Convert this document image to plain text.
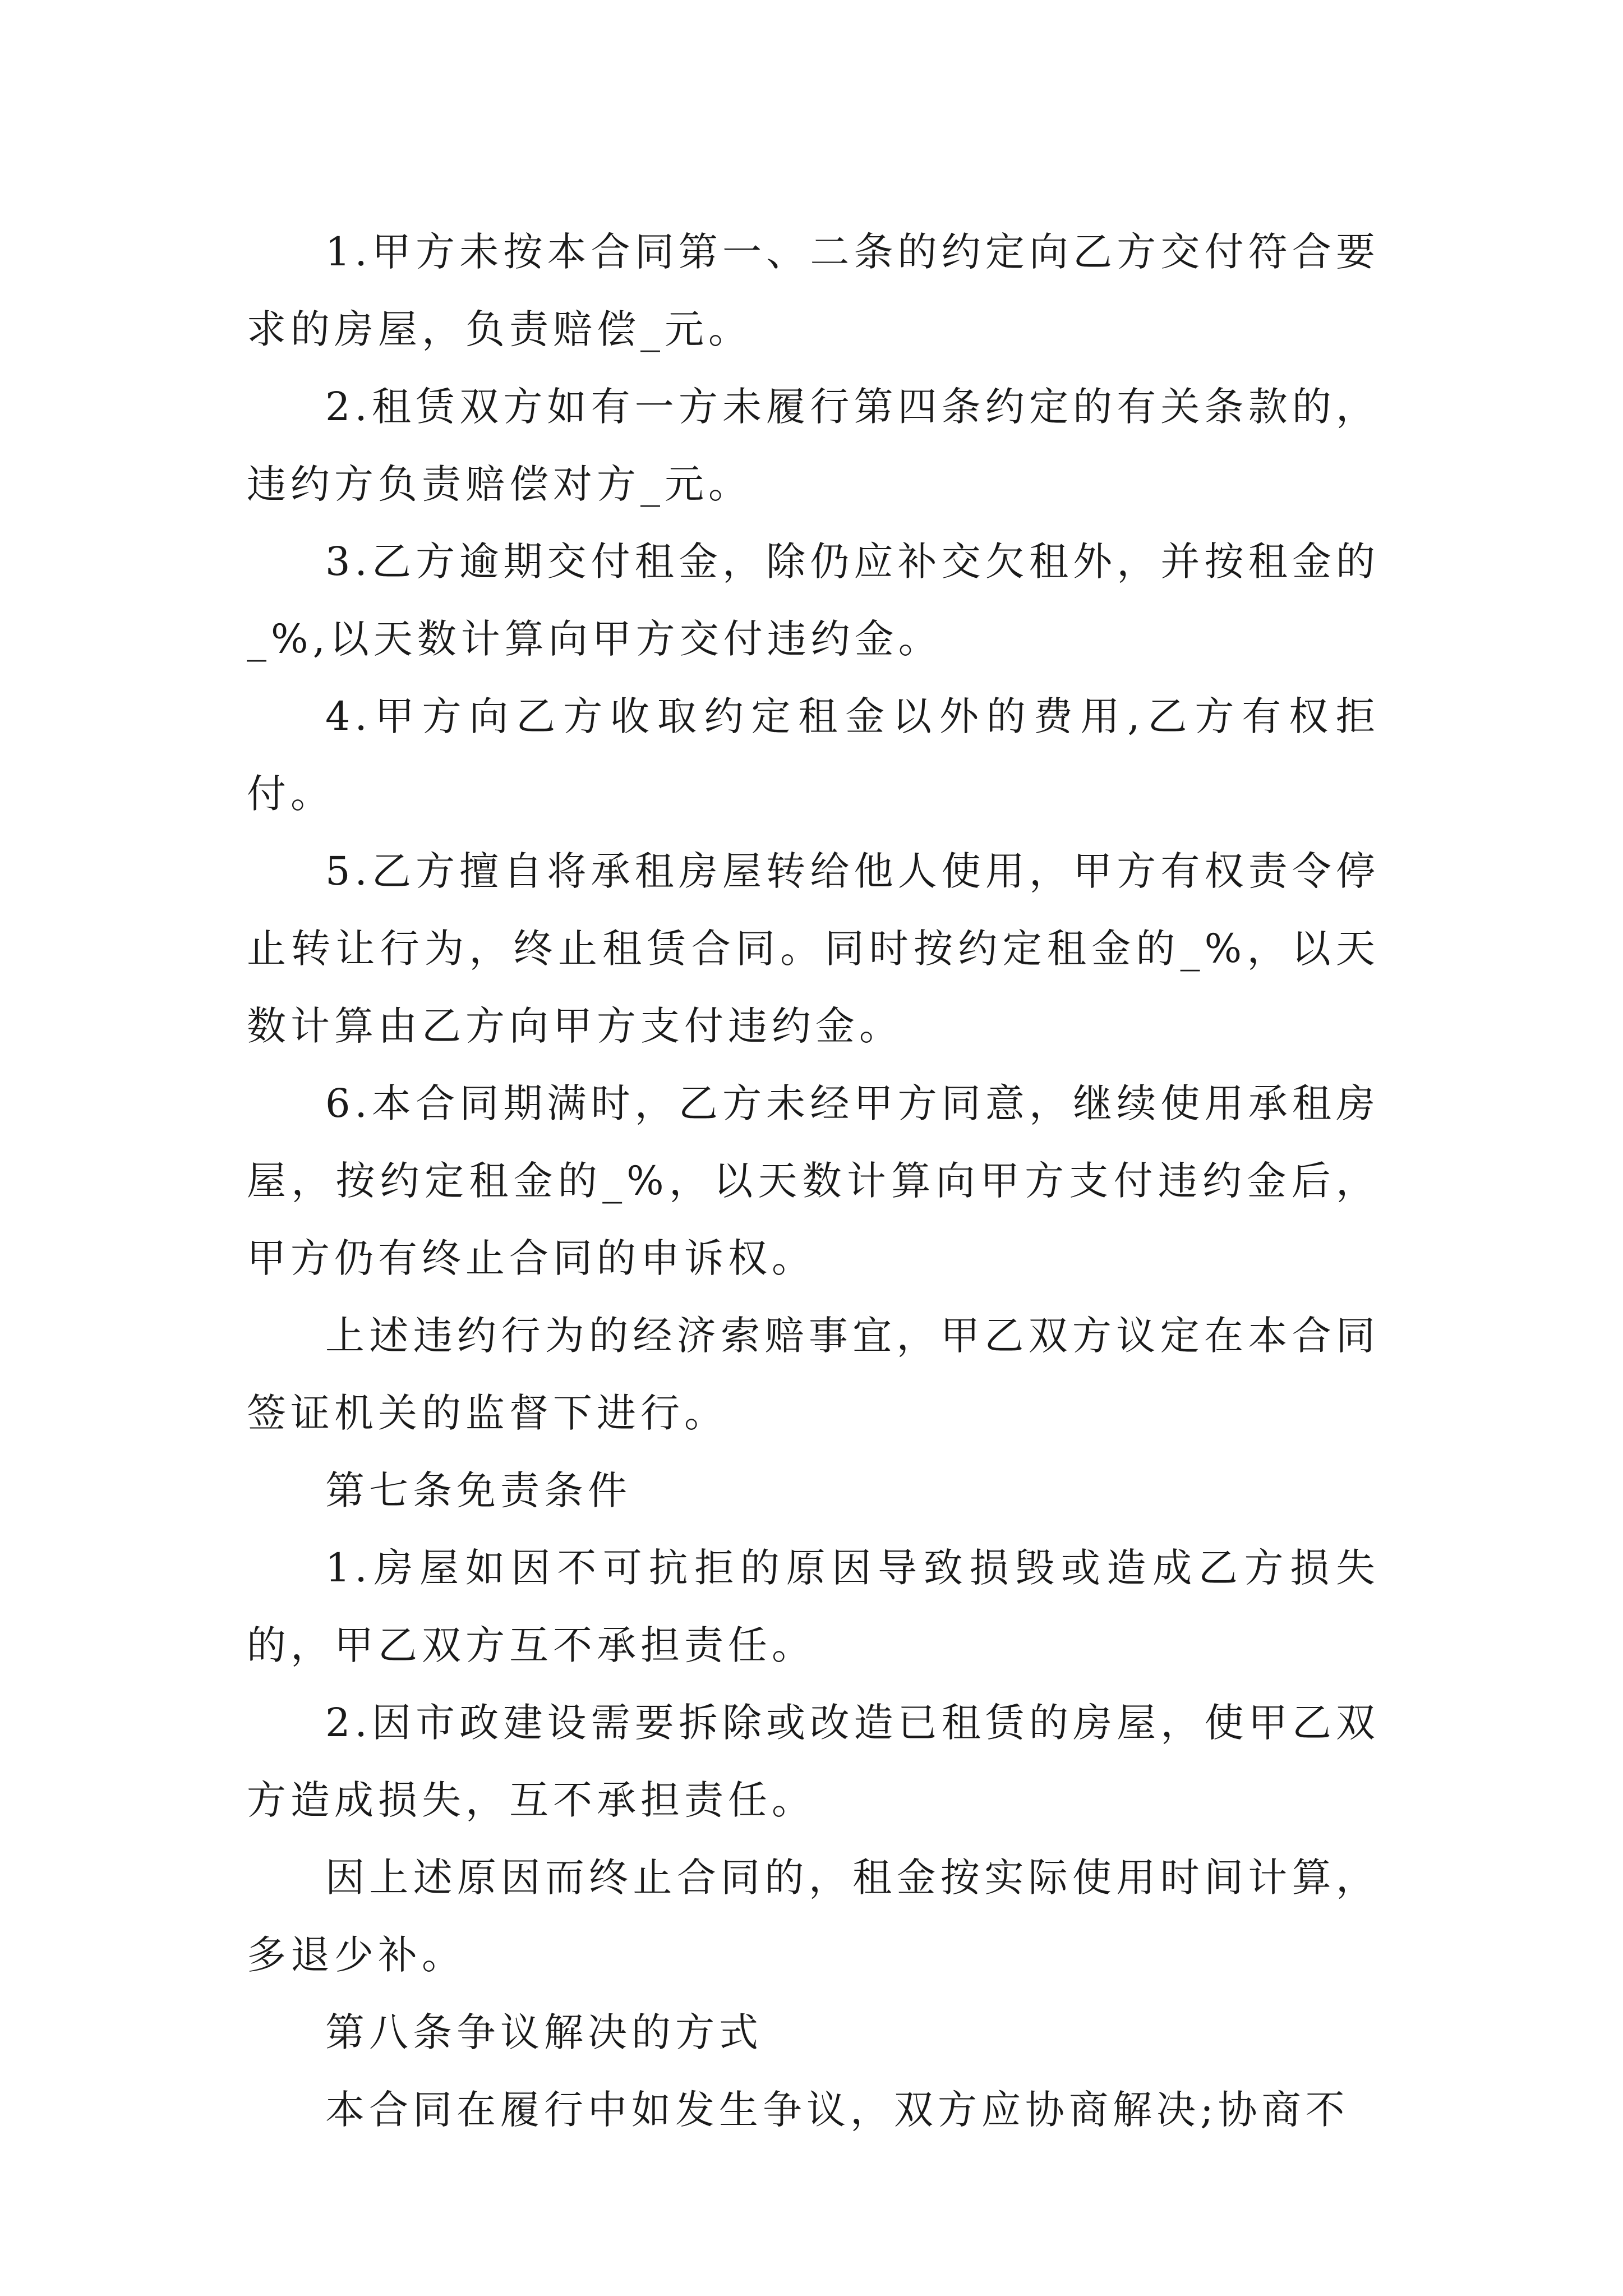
1.甲方未按本合同第一、二条的约定向乙方交付符合要求的房屋，负责赔偿_元。

2.租赁双方如有一方未履行第四条约定的有关条款的，违约方负责赔偿对方_元。

3.乙方逾期交付租金，除仍应补交欠租外，并按租金的_%,以天数计算向甲方交付违约金。

4.甲方向乙方收取约定租金以外的费用,乙方有权拒付。

5.乙方擅自将承租房屋转给他人使用，甲方有权责令停止转让行为，终止租赁合同。同时按约定租金的_%，以天数计算由乙方向甲方支付违约金。

6.本合同期满时，乙方未经甲方同意，继续使用承租房屋，按约定租金的_%，以天数计算向甲方支付违约金后，甲方仍有终止合同的申诉权。

上述违约行为的经济索赔事宜，甲乙双方议定在本合同签证机关的监督下进行。

第七条免责条件

1.房屋如因不可抗拒的原因导致损毁或造成乙方损失的，甲乙双方互不承担责任。

2.因市政建设需要拆除或改造已租赁的房屋，使甲乙双方造成损失，互不承担责任。

因上述原因而终止合同的，租金按实际使用时间计算，多退少补。

第八条争议解决的方式

本合同在履行中如发生争议，双方应协商解决;协商不
